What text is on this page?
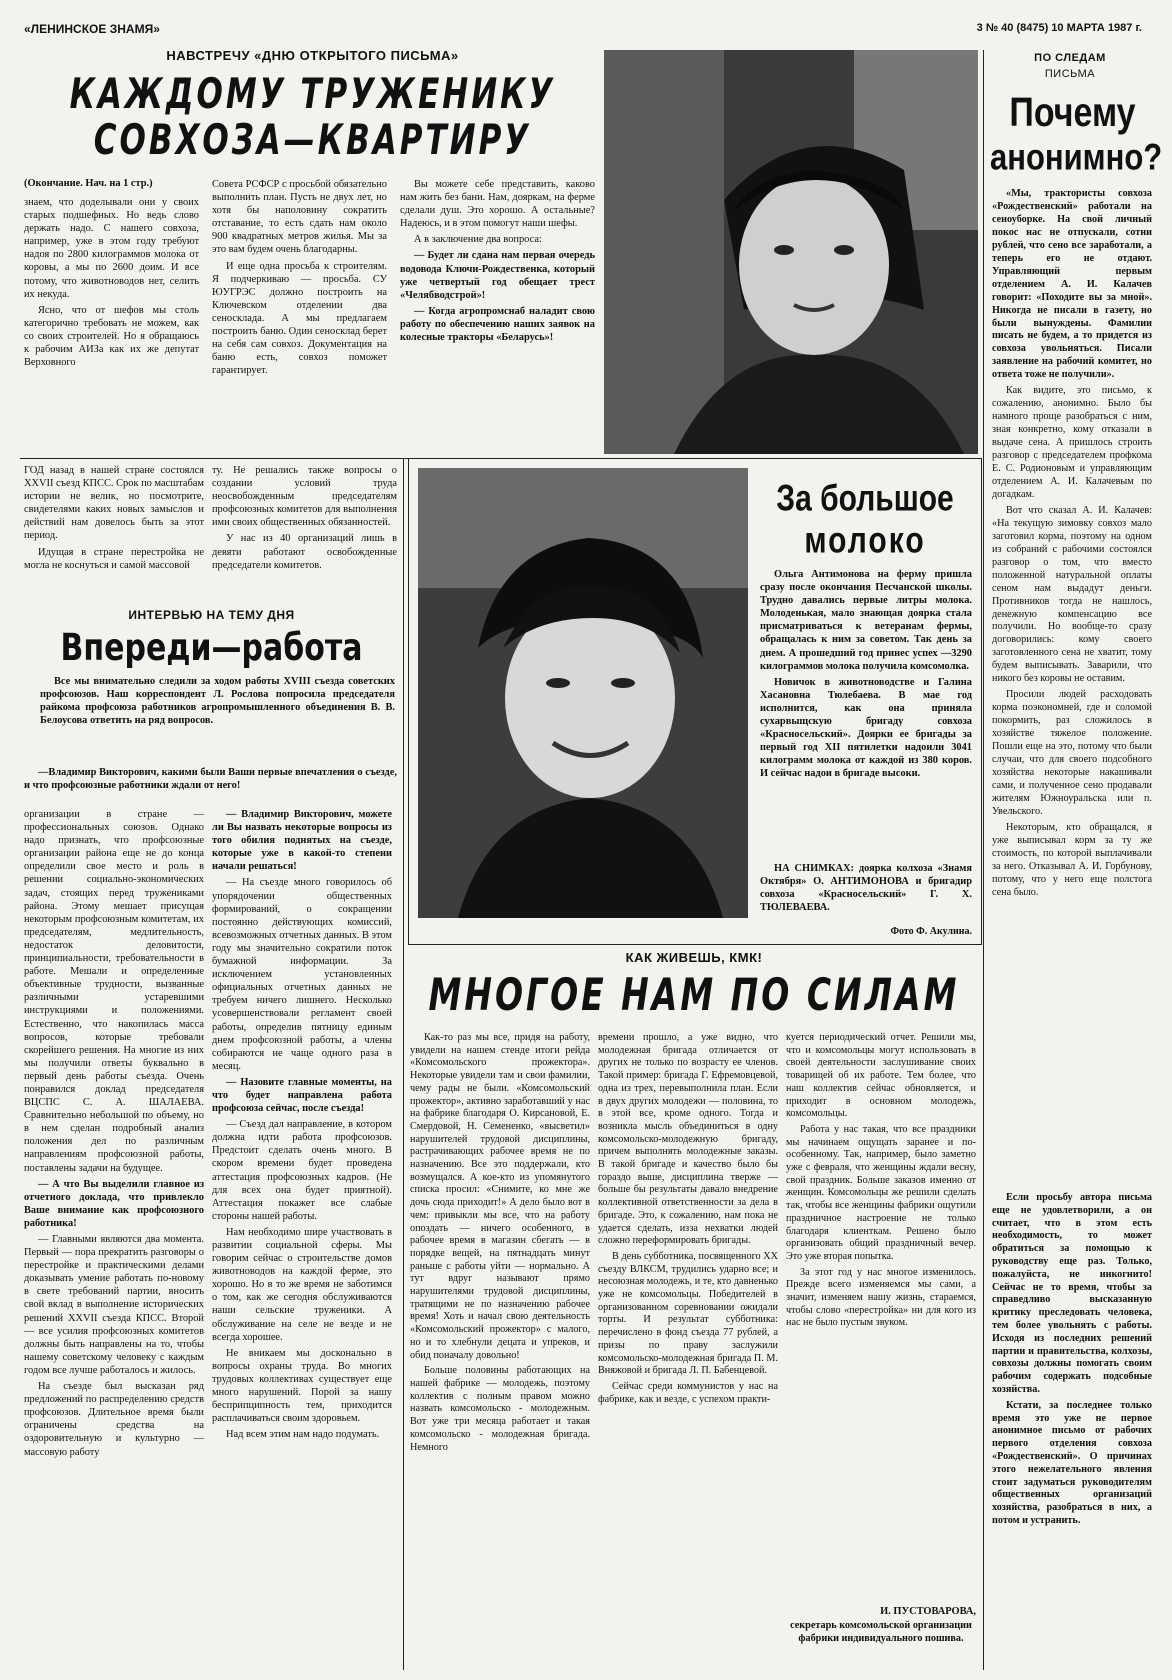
«ЛЕНИНСКОЕ ЗНАМЯ»	3 № 40 (8475) 10 МАРТА 1987 г.
НАВСТРЕЧУ «ДНЮ ОТКРЫТОГО ПИСЬМА»
КАЖДОМУ ТРУЖЕНИКУ
СОВХОЗА—КВАРТИРУ
(Окончание. Нач. на 1 стр.)

знаем, что доделывали они у своих старых подшефных. Но ведь слово держать надо. С нашего совхоза, например, уже в этом году требуют надоя по 2800 килограммов молока от коровы, а мы по 2600 доим. И все потому, что животноводов нет, селить их некуда.

Ясно, что от шефов мы столь категорично требовать не можем, как со своих строителей. Но я обращаюсь к рабочим АИЗа как их же депутат Верховного

Совета РСФСР с просьбой обязательно выполнить план. Пусть не двух лет, но хотя бы наполовину сократить отставание, то есть сдать нам около 900 квадратных метров жилья. Мы за это вам будем очень благодарны.

И еще одна просьба к строителям. Я подчеркиваю — просьба. СУ ЮУГРЭС должно построить на Ключевском отделении два сеносклада. А мы предлагаем построить баню. Один сеносклад берет на себя сам совхоз. Документация на баню есть, совхоз поможет гарантирует.

Вы можете себе представить, каково нам жить без бани. Нам, дояркам, на ферме сделали душ. Это хорошо. А остальные? Надеюсь, и в этом помогут наши шефы.

А в заключение два вопроса:

— Будет ли сдана нам первая очередь водовода Ключи-Рождественка, который уже четвертый год обещает трест «Челябводстрой»!

— Когда агропромснаб наладит свою работу по обеспечению наших заявок на колесные тракторы «Беларусь»!

ПО СЛЕДАМ
ПИСЬМА
Почему
анонимно?

«Мы, трактористы совхоза «Рождественский» работали на сеноуборке. На свой личный покос нас не отпускали, сотни рублей, что сено все заработали, а теперь его не отдают. Управляющий первым отделением А. И. Калачев говорит: «Походите вы за мной». Никогда не писали в газету, но были вынуждены. Фамилии писать не будем, а то придется из совхоза увольняться. Писали заявление на рабочий комитет, но ответа тоже не получили».

Как видите, это письмо, к сожалению, анонимно. Было бы намного проще разобраться с ним, зная конкретно, кому отказали в выдаче сена. А пришлось строить разговор с председателем профкома Е. С. Родионовым и управляющим отделением А. И. Калачевым по догадкам.

Вот что сказал А. И. Калачев: «На текущую зимовку совхоз мало заготовил корма, поэтому на одном из собраний с рабочими состоялся разговор о том, что вместо положенной натуральной оплаты сеном нам выдадут деньги. Противников тогда не нашлось, денежную компенсацию все получили. Но вообще-то сразу договорились: кому своего заготовленного сена не хватит, тому будем выписывать. Заварили, что никого без коровы не оставим.

Просили людей расходовать корма поэкономней, где и соломой покормить, раз сложилось в хозяйстве тяжелое положение. Пошли еще на это, потому что были случаи, что для своего подсобного хозяйства некоторые накашивали сами, и полученное сено продавали жителям Южноуральска или п. Увельского.

Некоторым, кто обращался, я уже выписывал корм за ту же стоимость, по которой выплачивали за него. Отказывал А. И. Горбунову, потому, что у него еще полстога сена было.

Если просьбу автора письма еще не удовлетворили, а он считает, что в этом есть необходимость, то может обратиться за помощью к руководству еще раз. Только, пожалуйста, не инкогнито! Сейчас не то время, чтобы за справедливо высказанную критику преследовать человека, тем более увольнять с работы. Исходя из последних решений партии и правительства, колхозы, совхозы должны помогать своим рабочим содержать подсобные хозяйства.

Кстати, за последнее только время это уже не первое анонимное письмо от рабочих первого отделения совхоза «Рождественский». О причинах этого нежелательного явления стоит задуматься руководителям общественных организаций хозяйства, разобраться в них, а потом и устранить.

ГОД назад в нашей стране состоялся XXVII съезд КПСС. Срок по масштабам истории не велик, но посмотрите, свидетелями каких новых замыслов и действий нам довелось быть за этот период.

Идущая в стране перестройка не могла не коснуться и самой массовой

ту. Не решались также вопросы о создании условий труда неосвобожденным председателям профсоюзных комитетов для выполнения ими своих общественных обязанностей.

У нас из 40 организаций лишь в девяти работают освобожденные председатели комитетов.

ИНТЕРВЬЮ НА ТЕМУ ДНЯ
Впереди—работа

Все мы внимательно следили за ходом работы XVIII съезда советских профсоюзов. Наш корреспондент Л. Рослова попросила председателя райкома профсоюза работников агропромышленного объединения В. В. Белоусова ответить на ряд вопросов.

—Владимир Викторович, какими были Ваши первые впечатления о съезде, и что профсоюзные работники ждали от него!

организации в стране — профессиональных союзов. Однако надо признать, что профсоюзные организации района еще не до конца определили свое место и роль в решении социально-экономических задач, стоящих перед тружениками района. Этому мешает присущая некоторым профсоюзным комитетам, их председателям, медлительность, недостаток деловитости, принципиальности, требовательности в работе. Мешали и определенные объективные трудности, вызванные различными устаревшими инструкциями и положениями. Естественно, что накопилась масса вопросов, которые требовали скорейшего решения. На многие из них мы получили ответы буквально в первый день работы съезда. Очень понравился доклад председателя ВЦСПС С. А. ШАЛАЕВА. Сравнительно небольшой по объему, но в нем сделан подробный анализ положения дел по различным направлениям профсоюзной работы, поставлены задачи на будущее.

— А что Вы выделили главное из отчетного доклада, что привлекло Ваше внимание как профсоюзного работника!

— Главными являются два момента. Первый — пора прекратить разговоры о перестройке и практическими делами доказывать умение работать по-новому в свете требований партии, вносить свой вклад в выполнение исторических решений XXVII съезда КПСС. Второй — все усилия профсоюзных комитетов должны быть направлены на то, чтобы нашему советскому человеку с каждым годом все лучше работалось и жилось.

На съезде был высказан ряд предложений по распределению средств профсоюзов. Длительное время были ограничены средства на оздоровительную и культурно — массовую работу

— Владимир Викторович, можете ли Вы назвать некоторые вопросы из того обилия поднятых на съезде, которые уже в какой-то степени начали решаться!

— На съезде много говорилось об упорядочении общественных формирований, о сокращении постоянно действующих комиссий, всевозможных отчетных данных. В этом году мы значительно сократили поток бумажной информации. За исключением установленных официальных отчетных данных не требуем ничего лишнего. Несколько усовершенствовали регламент своей работы, определив пятницу единым днем профсоюзной работы, а члены собираются не чаще одного раза в месяц.

— Назовите главные моменты, на что будет направлена работа профсоюза сейчас, после съезда!

— Съезд дал направление, в котором должна идти работа профсоюзов. Предстоит сделать очень много. В скором времени будет проведена аттестация профсоюзных кадров. (Не для всех она будет приятной). Аттестация покажет все слабые стороны нашей работы.

Нам необходимо шире участвовать в развитии социальной сферы. Мы говорим сейчас о строительстве домов животноводов на каждой ферме, это хорошо. Но в то же время не заботимся о том, как же сегодня обслуживаются наши сельские труженики. А обслуживание на селе не везде и не всегда хорошее.

Не вникаем мы досконально в вопросы охраны труда. Во многих трудовых коллективах существует еще много нарушений. Порой за нашу бесприпципность тем, приходится расплачиваться своим здоровьем.

Над всем этим нам надо подумать.

За большое
молоко

Ольга Антимонова на ферму пришла сразу после окончания Песчанской школы. Трудно давались первые литры молока. Молоденькая, мало знающая доярка стала присматриваться к ветеранам фермы, обращалась к ним за советом. Так день за днем. А прошедший год принес успех —3290 килограммов молока получила комсомолка.

Новичок в животноводстве и Галина Хасановна Тюлебаева. В мае год исполнится, как она приняла сухарвыщскую бригаду совхоза «Красносельский». Доярки ее бригады за первый год XII пятилетки надоили 3041 килограмм молока от каждой из 380 коров. И сейчас надои в бригаде высоки.

НА СНИМКАХ: доярка колхоза «Знамя Октября» О. АНТИМОНОВА и бригадир совхоза «Красносельский» Г. Х. ТЮЛЕВАЕВА.

Фото Ф. Акулина.
КАК ЖИВЕШЬ, КМК!
МНОГОЕ НАМ ПО СИЛАМ

Как-то раз мы все, придя на работу, увидели на нашем стенде итоги рейда «Комсомольского прожектора». Некоторые увидели там и свои фамилии, чему рады не были. «Комсомольский прожектор», активно заработавший у нас на фабрике благодаря О. Кирсановой, Е. Смердовой, Н. Семененко, «высветил» нарушителей трудовой дисциплины, растрачивающих рабочее время не по назначению. Все это поддержали, кто возмущался. А кое-кто из упомянутого списка просил: «Снимите, ко мне же дочь сюда приходит!» А дело было вот в чем: привыкли мы все, что на работу опоздать — ничего особенного, в рабочее время в магазин сбегать — в порядке вещей, на пятнадцать минут раньше с работы уйти — нормально. А тут вдруг называют прямо нарушителями трудовой дисциплины, тратящими не по назначению рабочее время! Хоть и начал свою деятельность «Комсомольский прожектор» с малого, но и то хлебнули децата и упреков, и обид поначалу довольно!

Больше половины работающих на нашей фабрике — молодежь, поэтому коллектив с полным правом можно назвать комсомольско - молодежным. Вот уже три месяца работает и такая комсомольско - молодежная бригада. Немного

времени прошло, а уже видно, что молодежная бригада отличается от других не только по возрасту ее членов. Такой пример: бригада Г. Ефремовцевой, одна из трех, перевыполнила план. Если в двух других молодежи — половина, то в этой все, кроме одного. Тогда и возникла мысль объединиться в одну комсомольско-молодежную бригаду, причем выполнять молодежные заказы. В такой бригаде и качество было бы гораздо выше, дисциплина тверже — больше бы результаты давало внедрение коллективной ответственности за дела в бригаде. Это, к сожалению, нам пока не удается сделать, изза нехватки людей сложно переформировать бригады.

В день субботника, посвященного XX съезду ВЛКСМ, трудились ударно все; и несоюзная молодежь, и те, кто давненько уже не комсомольцы. Победителей в организованном соревновании ожидали торты. И результат субботника: перечислено в фонд съезда 77 рублей, а призы по праву заслужили комсомольско-молодежная бригада П. М. Вняжовой и бригада Л. П. Бабенцевой.

Сейчас среди коммунистов у нас на фабрике, как и везде, с успехом практи-

куется периодический отчет. Решили мы, что и комсомольцы могут использовать в своей деятельности заслушивание своих товарищей об их работе. Тем более, что наш коллектив сейчас обновляется, и приходит в основном молодежь, комсомольцы.

Работа у нас такая, что все праздники мы начинаем ощущать заранее и по-особенному. Так, например, было заметно уже с февраля, что женщины ждали весну, свой праздник. Больше заказов именно от женщин. Комсомольцы же решили сделать так, чтобы все женщины фабрики ощутили праздничное настроение не только благодаря клиенткам. Решено было организовать общий праздничный вечер. Это уже вторая попытка.

За этот год у нас многое изменилось. Прежде всего изменяемся мы сами, а значит, изменяем нашу жизнь, стараемся, чтобы слово «перестройка» ни для кого из нас не было пустым звуком.

И. ПУСТОВАРОВА,
секретарь комсомольской организации фабрики индивидуального пошива.
